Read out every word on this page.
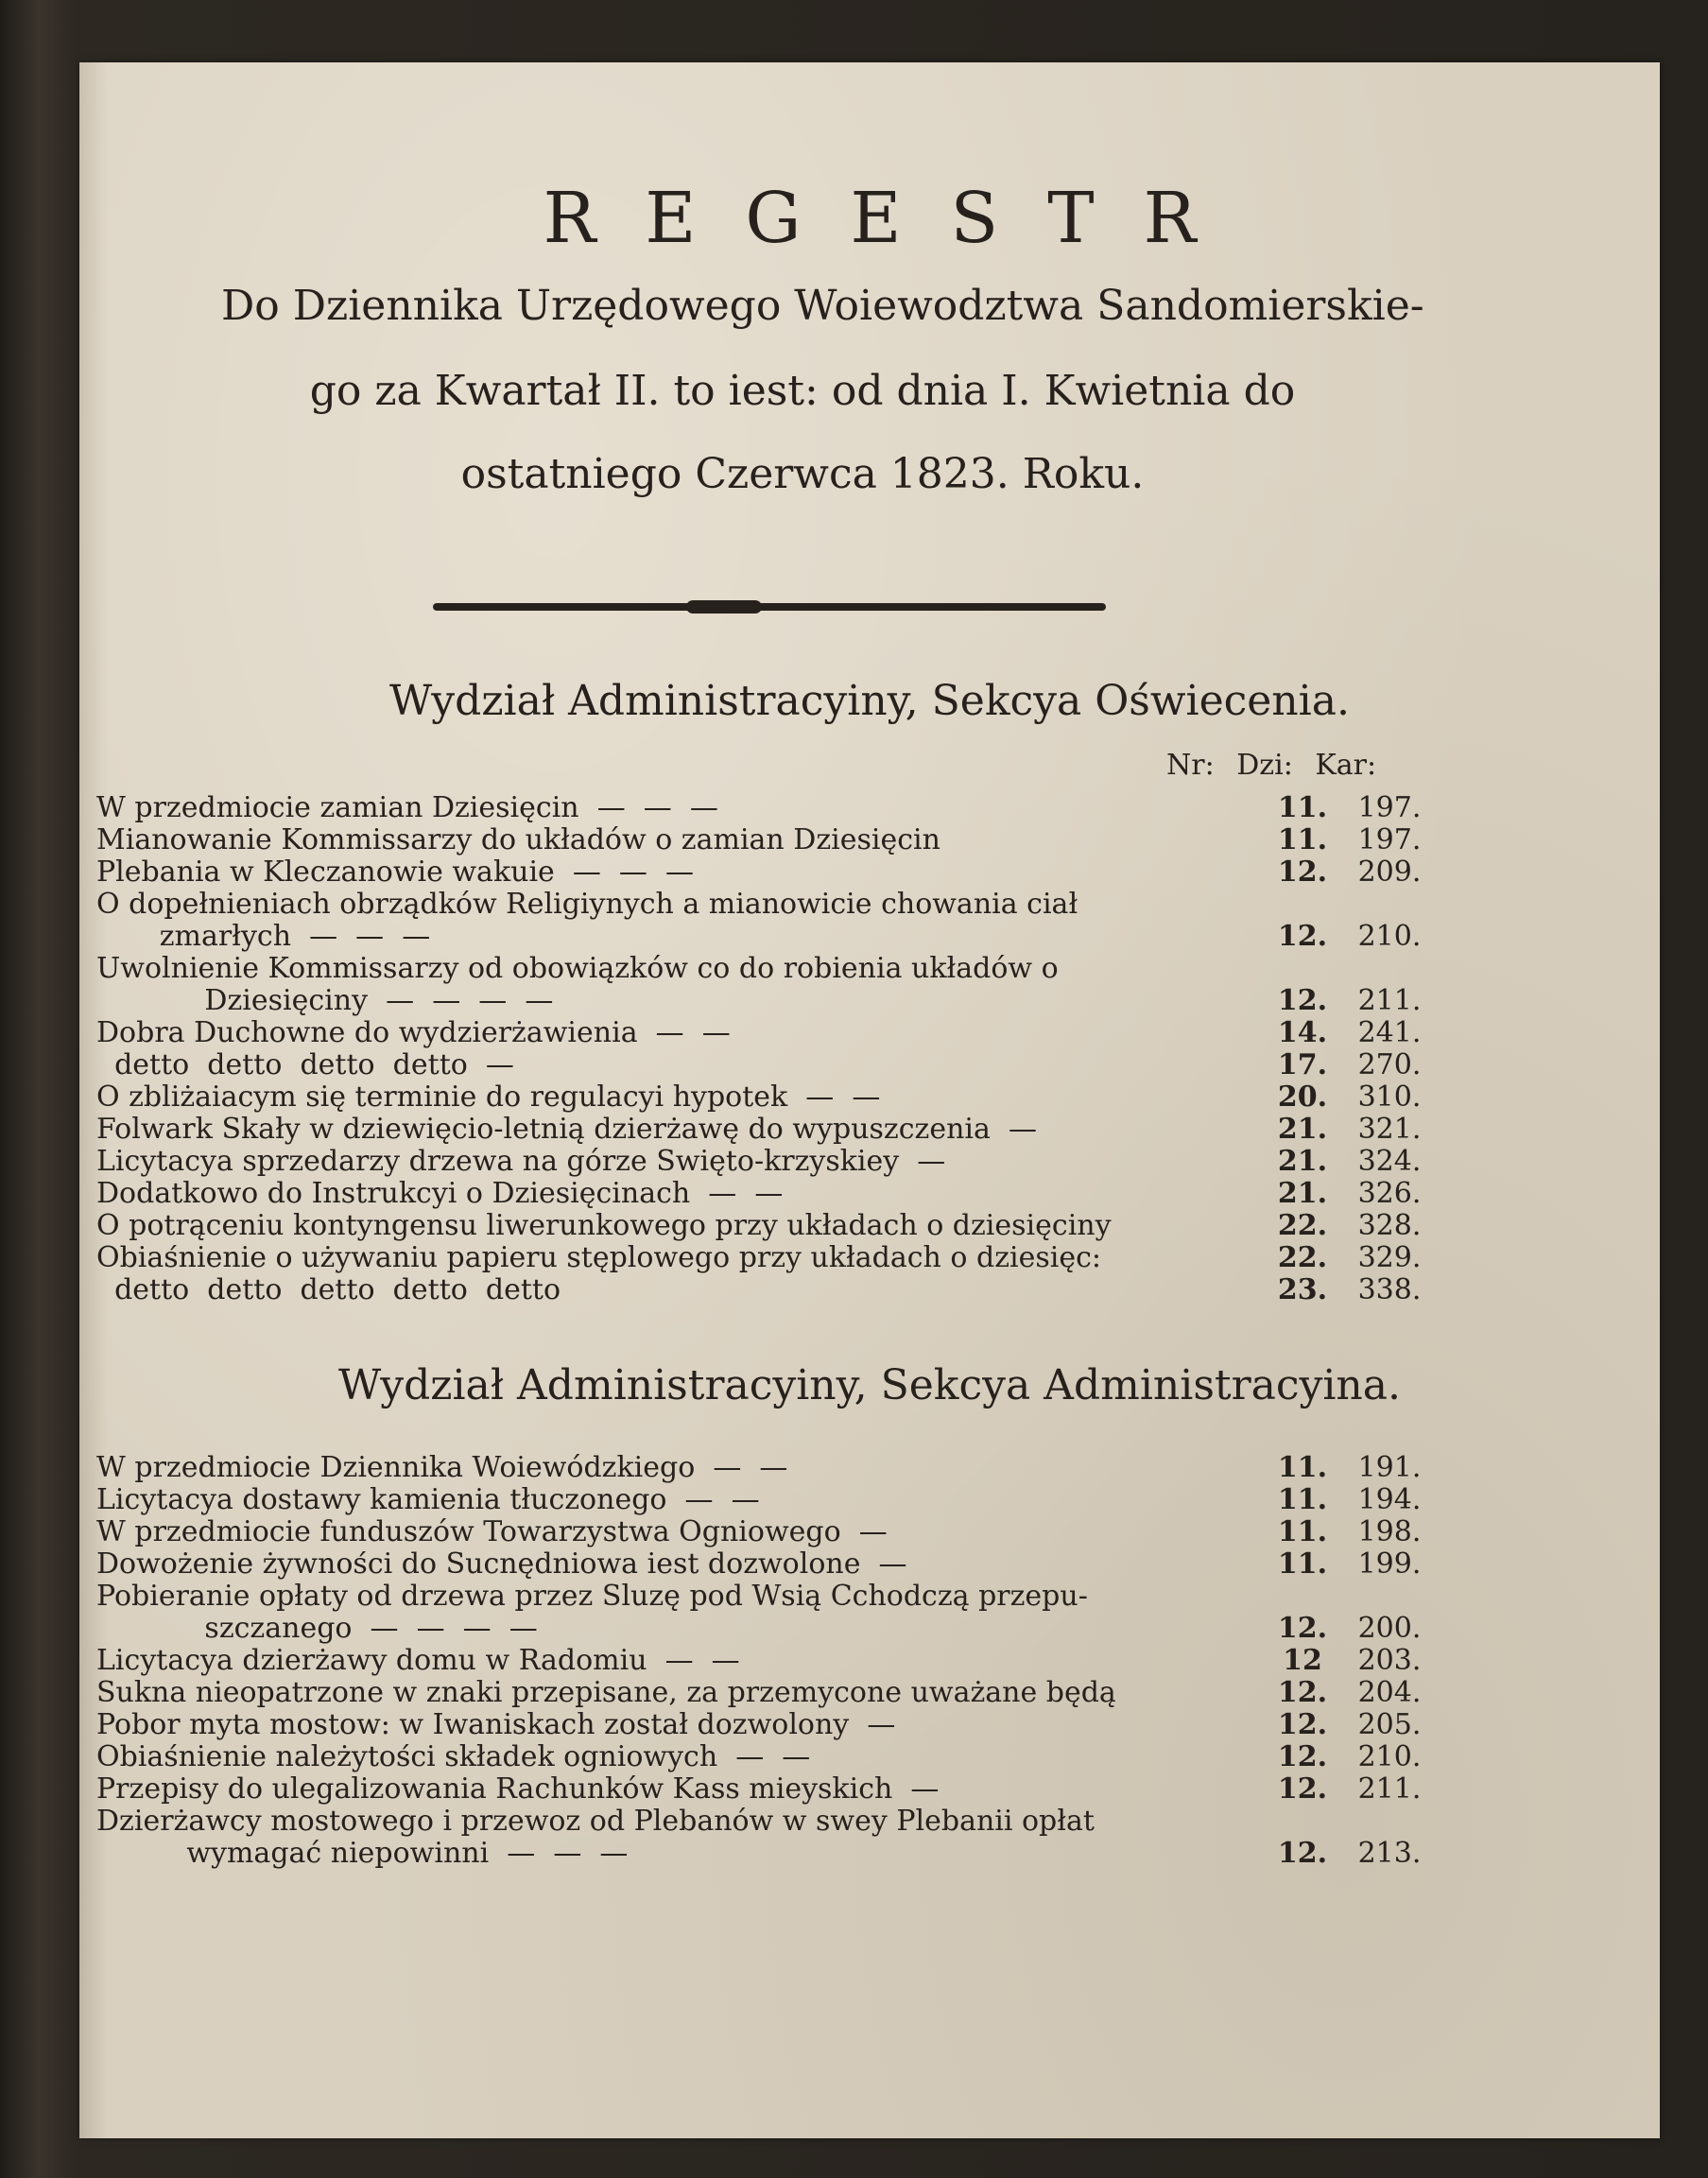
REGESTR
Do Dziennika Urzędowego Woiewodztwa Sandomierskie-
go za Kwartał II. to iest: od dnia I. Kwietnia do
ostatniego Czerwca 1823. Roku.
Wydział Administracyiny, Sekcya Oświecenia.
Nr: Dzi: Kar:
W przedmiocie zamian Dziesięcin  —  —  —	11.	197.
Mianowanie Kommissarzy do układów o zamian Dziesięcin	11.	197.
Plebania w Kleczanowie wakuie  —  —  —	12.	209.
O dopełnieniach obrządków Religiynych a mianowicie chowania ciał
zmarłych  —  —  —	12.	210.
Uwolnienie Kommissarzy od obowiązków co do robienia układów o
Dziesięciny  —  —  —  —	12.	211.
Dobra Duchowne do wydzierżawienia  —  —	14.	241.
detto  detto  detto  detto  —	17.	270.
O zbliżaiacym się terminie do regulacyi hypotek  —  —	20.	310.
Folwark Skały w dziewięcio-letnią dzierżawę do wypuszczenia  —	21.	321.
Licytacya sprzedarzy drzewa na górze Swięto-krzyskiey  —	21.	324.
Dodatkowo do Instrukcyi o Dziesięcinach  —  —	21.	326.
O potrąceniu kontyngensu liwerunkowego przy układach o dziesięciny	22.	328.
Obiaśnienie o używaniu papieru stęplowego przy układach o dziesięc:	22.	329.
detto  detto  detto  detto  detto	23.	338.
Wydział Administracyiny, Sekcya Administracyina.
W przedmiocie Dziennika Woiewódzkiego  —  —	11.	191.
Licytacya dostawy kamienia tłuczonego  —  —	11.	194.
W przedmiocie funduszów Towarzystwa Ogniowego  —	11.	198.
Dowożenie żywności do Sucnędniowa iest dozwolone  —	11.	199.
Pobieranie opłaty od drzewa przez Sluzę pod Wsią Cchodczą przepu-
szczanego  —  —  —  —	12.	200.
Licytacya dzierżawy domu w Radomiu  —  —	12	203.
Sukna nieopatrzone w znaki przepisane, za przemycone uważane będą	12.	204.
Pobor myta mostow: w Iwaniskach został dozwolony  —	12.	205.
Obiaśnienie należytości składek ogniowych  —  —	12.	210.
Przepisy do ulegalizowania Rachunków Kass mieyskich  —	12.	211.
Dzierżawcy mostowego i przewoz od Plebanów w swey Plebanii opłat
wymagać niepowinni  —  —  —	12.	213.
